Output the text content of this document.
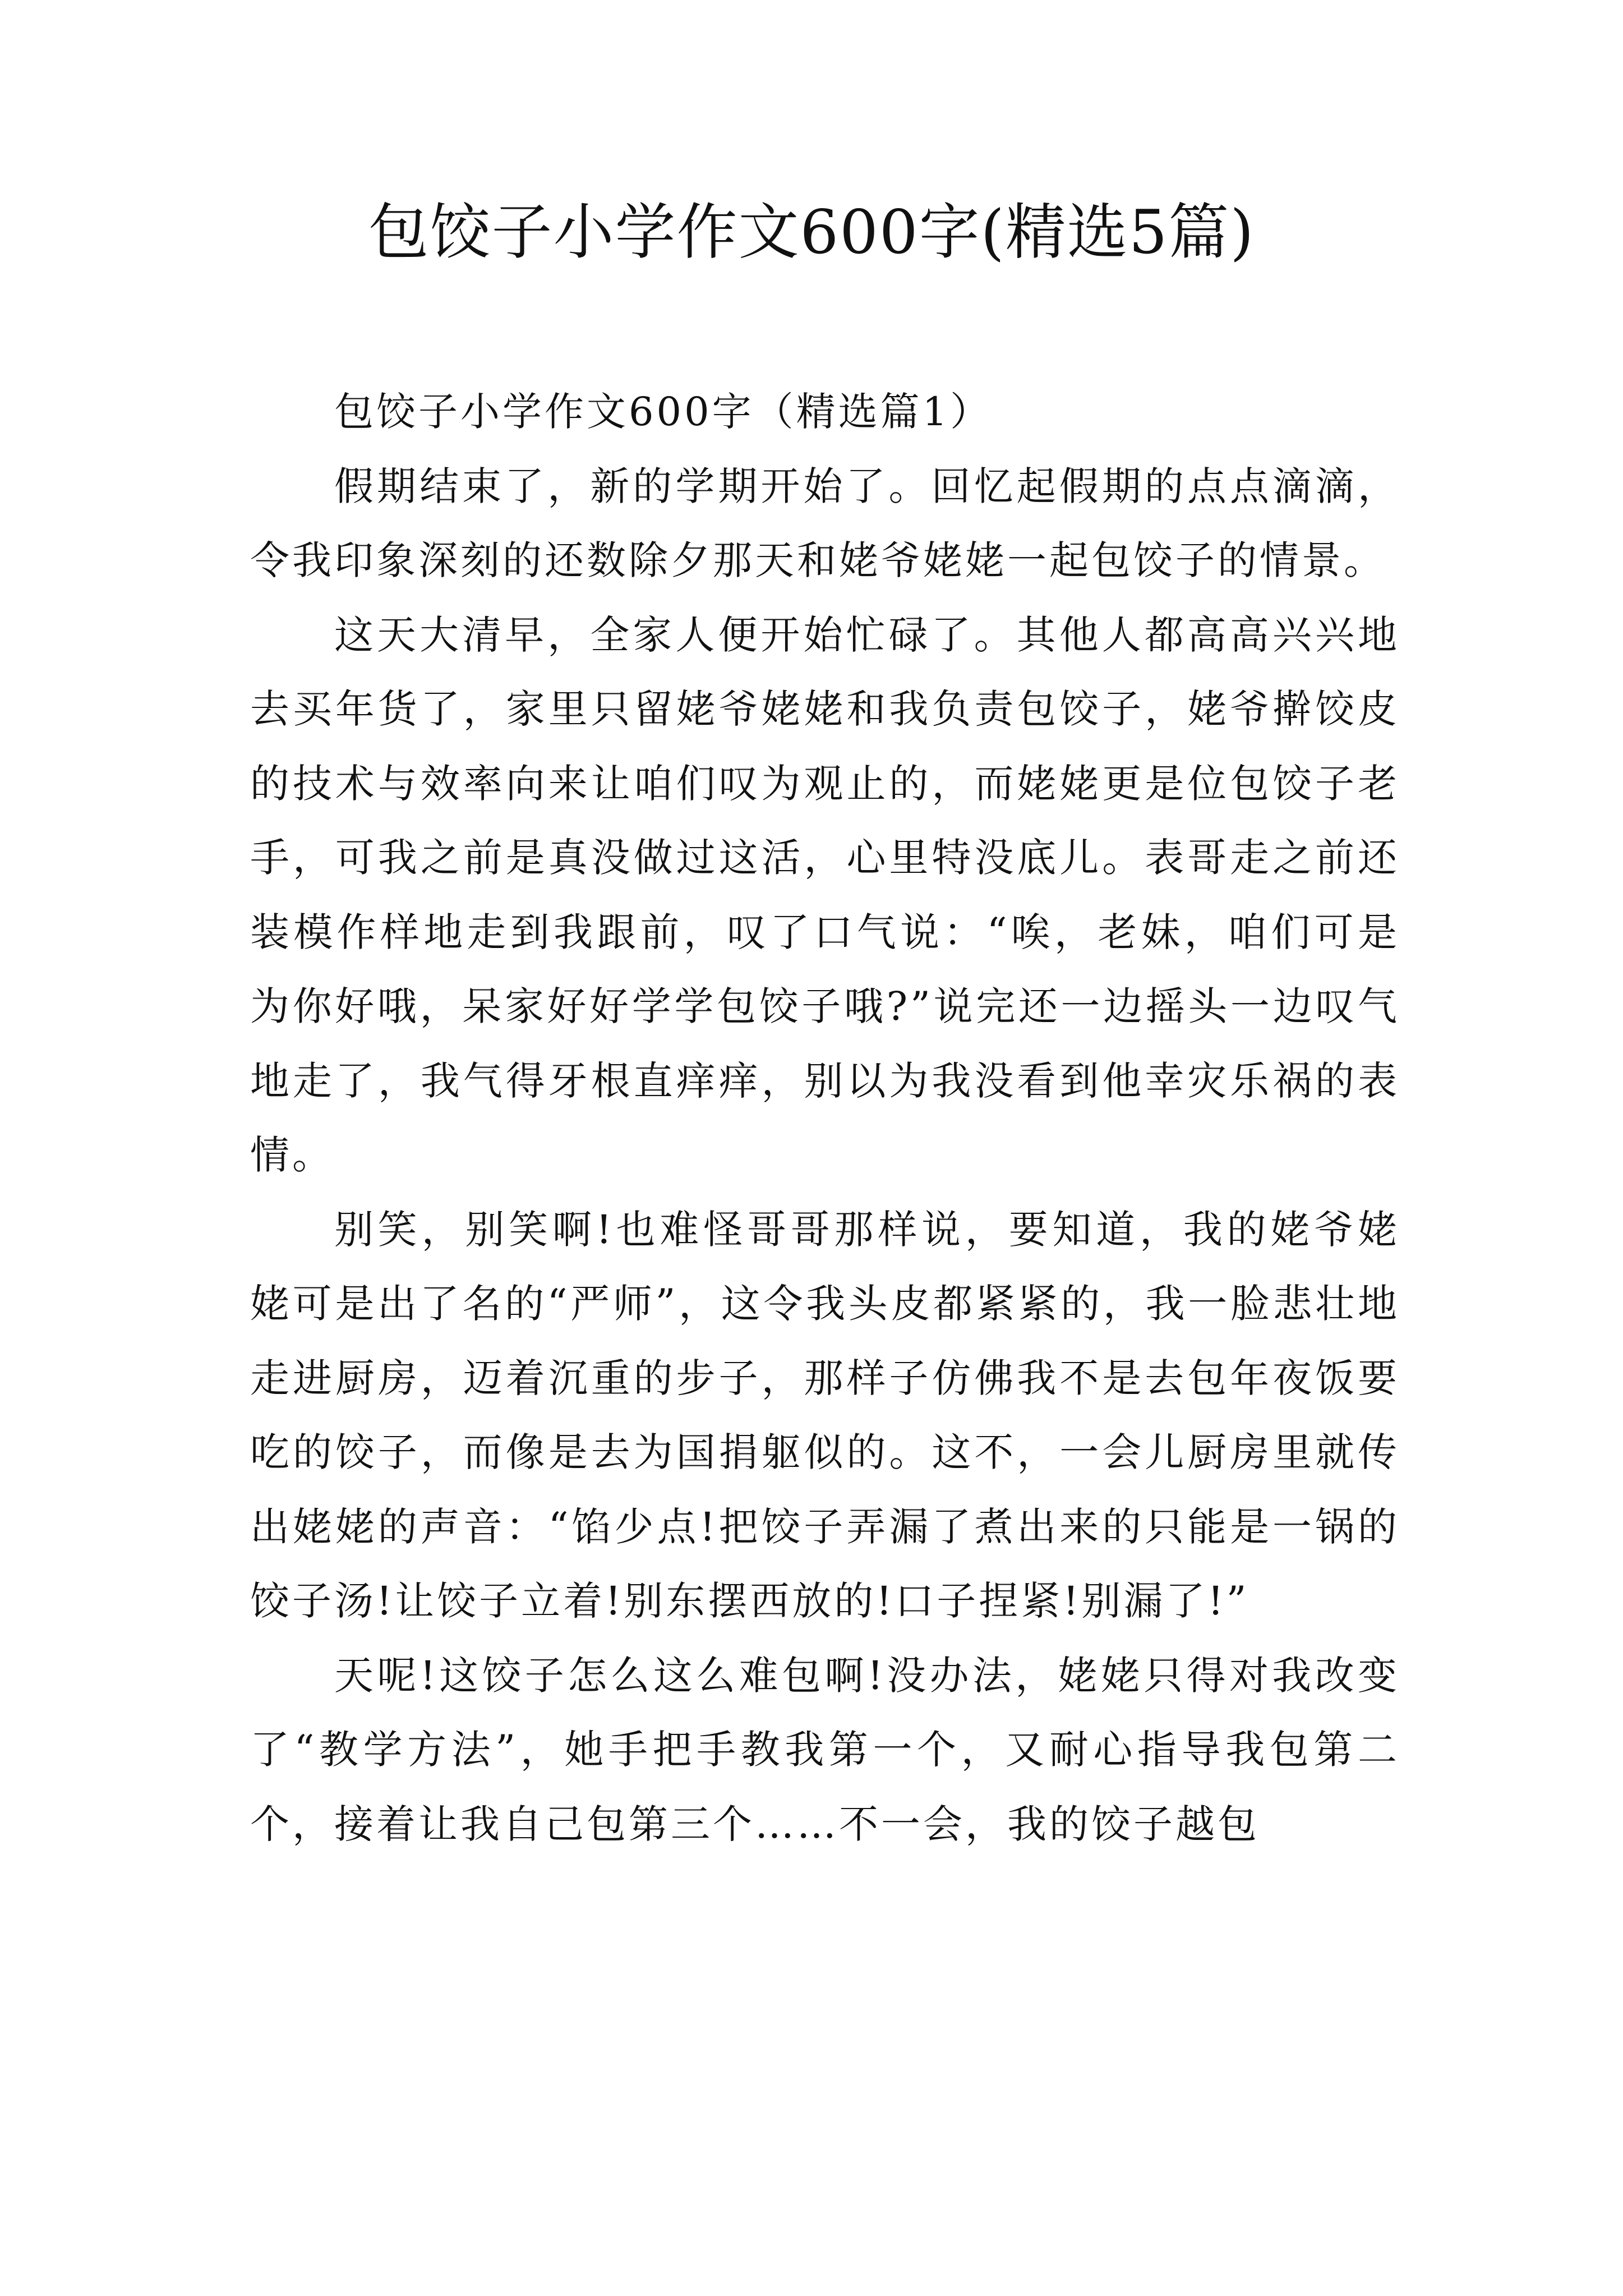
包饺子小学作文600字(精选5篇)
包饺子小学作文600字（精选篇1）

假期结束了，新的学期开始了。回忆起假期的点点滴滴，令我印象深刻的还数除夕那天和姥爷姥姥一起包饺子的情景。

这天大清早，全家人便开始忙碌了。其他人都高高兴兴地去买年货了，家里只留姥爷姥姥和我负责包饺子，姥爷擀饺皮的技术与效率向来让咱们叹为观止的，而姥姥更是位包饺子老手，可我之前是真没做过这活，心里特没底儿。表哥走之前还装模作样地走到我跟前，叹了口气说：“唉，老妹，咱们可是为你好哦，呆家好好学学包饺子哦?”说完还一边摇头一边叹气地走了，我气得牙根直痒痒，别以为我没看到他幸灾乐祸的表情。

别笑，别笑啊!也难怪哥哥那样说，要知道，我的姥爷姥姥可是出了名的“严师”，这令我头皮都紧紧的，我一脸悲壮地走进厨房，迈着沉重的步子，那样子仿佛我不是去包年夜饭要吃的饺子，而像是去为国捐躯似的。这不，一会儿厨房里就传出姥姥的声音：“馅少点!把饺子弄漏了煮出来的只能是一锅的饺子汤!让饺子立着!别东摆西放的!口子捏紧!别漏了!”

天呢!这饺子怎么这么难包啊!没办法，姥姥只得对我改变了“教学方法”，她手把手教我第一个，又耐心指导我包第二个，接着让我自己包第三个……不一会，我的饺子越包
